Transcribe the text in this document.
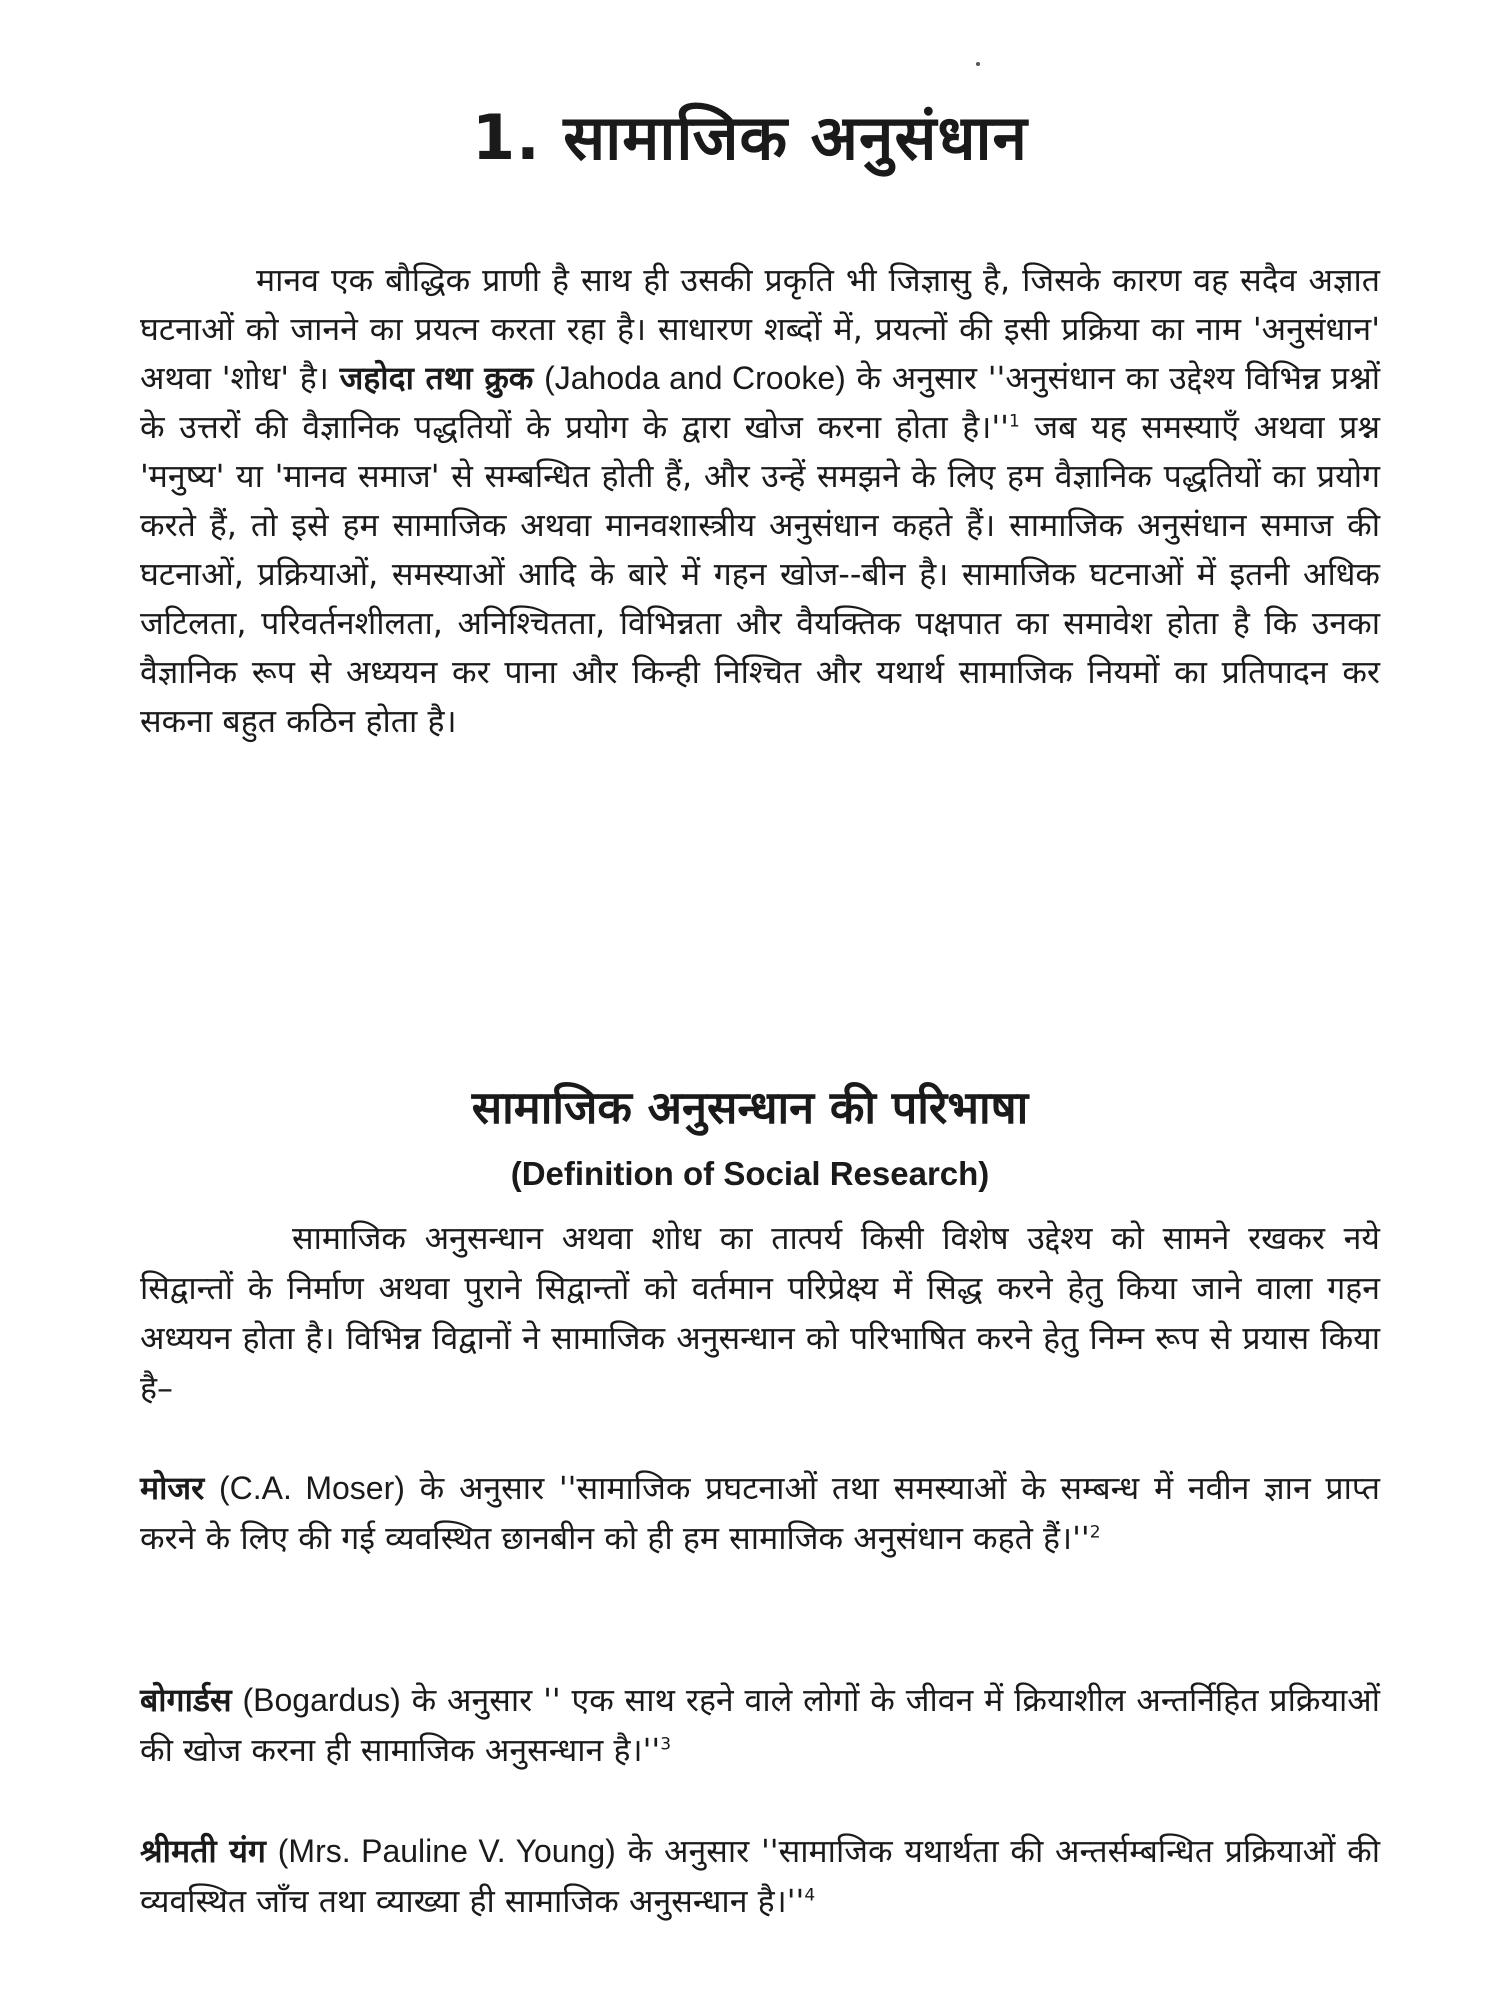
1. सामाजिक अनुसंधान

मानव एक बौद्धिक प्राणी है साथ ही उसकी प्रकृति भी जिज्ञासु है, जिसके कारण वह सदैव अज्ञात घटनाओं को जानने का प्रयत्न करता रहा है। साधारण शब्दों में, प्रयत्नों की इसी प्रक्रिया का नाम 'अनुसंधान' अथवा 'शोध' है। जहोदा तथा क्रुक (Jahoda and Crooke) के अनुसार ''अनुसंधान का उद्देश्य विभिन्न प्रश्नों के उत्तरों की वैज्ञानिक पद्धतियों के प्रयोग के द्वारा खोज करना होता $है।''^1$ जब यह समस्याएँ अथवा प्रश्न 'मनुष्य' या 'मानव समाज' से सम्बन्धित होती हैं, और उन्हें समझने के लिए हम वैज्ञानिक पद्धतियों का प्रयोग करते हैं, तो इसे हम सामाजिक अथवा मानवशास्त्रीय अनुसंधान कहते हैं। सामाजिक अनुसंधान समाज की घटनाओं, प्रक्रियाओं, समस्याओं आदि के बारे में गहन खोज--बीन है। सामाजिक घटनाओं में इतनी अधिक जटिलता, परिवर्तनशीलता, अनिश्चितता, विभिन्नता और वैयक्तिक पक्षपात का समावेश होता है कि उनका वैज्ञानिक रूप से अध्ययन कर पाना और किन्ही निश्चित और यथार्थ सामाजिक नियमों का प्रतिपादन कर सकना बहुत कठिन होता है।

सामाजिक अनुसन्धान की परिभाषा
(Definition of Social Research)

सामाजिक अनुसन्धान अथवा शोध का तात्पर्य किसी विशेष उद्देश्य को सामने रखकर नये सिद्वान्तों के निर्माण अथवा पुराने सिद्वान्तों को वर्तमान परिप्रेक्ष्य में सिद्ध करने हेतु किया जाने वाला गहन अध्ययन होता है। विभिन्न विद्वानों ने सामाजिक अनुसन्धान को परिभाषित करने हेतु निम्न रूप से प्रयास किया है–

मोजर (C.A. Moser) के अनुसार ''सामाजिक प्रघटनाओं तथा समस्याओं के सम्बन्ध में नवीन ज्ञान प्राप्त करने के लिए की गई व्यवस्थित छानबीन को ही हम सामाजिक अनुसंधान कहते $हैं।''^2$

बोगार्डस (Bogardus) के अनुसार '' एक साथ रहने वाले लोगों के जीवन में क्रियाशील अन्तर्निहित प्रक्रियाओं की खोज करना ही सामाजिक अनुसन्धान $है।''^3$

श्रीमती यंग (Mrs. Pauline V. Young) के अनुसार ''सामाजिक यथार्थता की अन्तर्सम्बन्धित प्रक्रियाओं की व्यवस्थित जाँच तथा व्याख्या ही सामाजिक अनुसन्धान $है।''^4$
